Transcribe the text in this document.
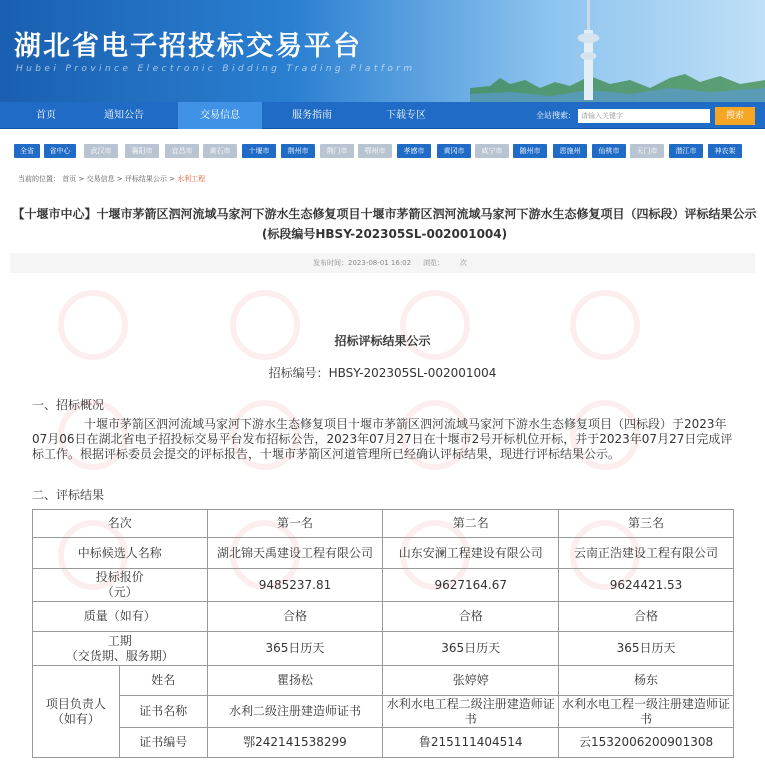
湖北省电子招投标交易平台
Hubei Province Electronic Bidding Trading Platform
首页	通知公告	交易信息	服务指南	下载专区	全站搜索:	请输入关键字	搜索
全省	省中心	武汉市	襄阳市	宜昌市	黄石市	十堰市	荆州市	荆门市	鄂州市	孝感市	黄冈市	咸宁市	随州市	恩施州	仙桃市	天门市	潜江市	神农架
当前的位置： 首页 > 交易信息 > 评标结果公示 > 水利工程
【十堰市中心】十堰市茅箭区泗河流域马家河下游水生态修复项目十堰市茅箭区泗河流域马家河下游水生态修复项目（四标段）评标结果公示(标段编号HBSY-202305SL-002001004)
发布时间： 2023-08-01 16:02 浏览： 次
招标评标结果公示
招标编号：HBSY-202305SL-002001004
一、招标概况
十堰市茅箭区泗河流域马家河下游水生态修复项目十堰市茅箭区泗河流域马家河下游水生态修复项目（四标段）于2023年07月06日在湖北省电子招投标交易平台发布招标公告，2023年07月27日在十堰市2号开标机位开标，并于2023年07月27日完成评标工作。根据评标委员会提交的评标报告，十堰市茅箭区河道管理所已经确认评标结果，现进行评标结果公示。
二、评标结果
名次		第一名	第二名	第三名
中标候选人名称		湖北锦天禹建设工程有限公司	山东安澜工程建设有限公司	云南正浩建设工程有限公司

投标报价
（元）		9485237.81	9627164.67	9624421.53
质量（如有）		合格	合格	合格

工期
（交货期、服务期）		365日历天	365日历天	365日历天

项目负责人
（如有）	姓名	瞿扬松	张婷婷	杨东
	证书名称	水利二级注册建造师证书	水利水电工程二级注册建造师证书	水利水电工程一级注册建造师证书
	证书编号	鄂242141538299	鲁215111404514	云1532006200901308
